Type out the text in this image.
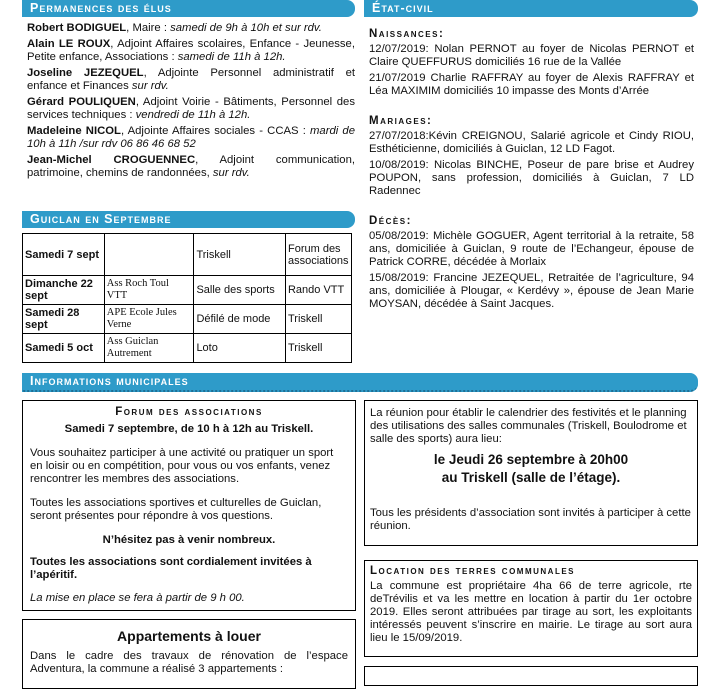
Permanences des élus

Robert BODIGUEL, Maire : samedi de 9h à 10h et sur rdv.

Alain LE ROUX, Adjoint Affaires scolaires, Enfance - Jeunesse, Petite enfance, Associations : samedi de 11h à 12h.

Joseline JEZEQUEL, Adjointe Personnel administratif et enfance et Finances sur rdv.

Gérard POULIQUEN, Adjoint Voirie - Bâtiments, Personnel des services techniques : vendredi de 11h à 12h.

Madeleine NICOL, Adjointe Affaires sociales - CCAS : mardi de 10h à 11h /sur rdv 06 86 46 68 52

Jean-Michel CROGUENNEC, Adjoint communication, patrimoine, chemins de randonnées, sur rdv.

Guiclan en Septembre
Samedi 7 sept		Triskell	Forum des associations
Dimanche 22 sept	Ass Roch Toul VTT	Salle des sports	Rando VTT
Samedi 28 sept	APE Ecole Jules Verne	Défilé de mode	Triskell
Samedi 5 oct	Ass Guiclan Autrement	Loto	Triskell
État-civil

Naissances:

12/07/2019: Nolan PERNOT au foyer de Nicolas PERNOT et Claire QUEFFURUS domiciliés 16 rue de la Vallée

21/07/2019 Charlie RAFFRAY au foyer de Alexis RAFFRAY et Léa MAXIMIM domiciliés 10 impasse des Monts d’Arrée

Mariages:

27/07/2018:Kévin CREIGNOU, Salarié agricole et Cindy RIOU, Esthéticienne, domiciliés à Guiclan, 12 LD Fagot.

10/08/2019: Nicolas BINCHE, Poseur de pare brise et Audrey POUPON, sans profession, domiciliés à Guiclan, 7 LD Radennec

Décès:

05/08/2019: Michèle GOGUER, Agent territorial à la retraite, 58 ans, domiciliée à Guiclan, 9 route de l’Echangeur, épouse de Patrick CORRE, décédée à Morlaix

15/08/2019: Francine JEZEQUEL, Retraitée de l’agriculture, 94 ans, domiciliée à Plougar, « Kerdévy », épouse de Jean Marie MOYSAN, décédée à Saint Jacques.

Informations municipales

Forum des associations

Samedi 7 septembre, de 10 h à 12h au Triskell.

Vous souhaitez participer à une activité ou pratiquer un sport en loisir ou en compétition, pour vous ou vos enfants, venez rencontrer les membres des associations.

Toutes les associations sportives et culturelles de Guiclan, seront présentes pour répondre à vos questions.

N’hésitez pas à venir nombreux.

Toutes les associations sont cordialement invitées à l’apéritif.

La mise en place se fera à partir de 9 h 00.

Appartements à louer

Dans le cadre des travaux de rénovation de l’espace Adventura, la commune a réalisé 3 appartements :

La réunion pour établir le calendrier des festivités et le planning des utilisations des salles communales (Triskell, Boulodrome et salle des sports) aura lieu:

le Jeudi 26 septembre à 20h00

au Triskell (salle de l’étage).

Tous les présidents d’association sont invités à participer à cette réunion.

Location des terres communales

La commune est propriétaire 4ha 66 de terre agricole, rte deTrévilis et va les mettre en location à partir du 1er octobre 2019. Elles seront attribuées par tirage au sort, les exploitants intéressés peuvent s’inscrire en mairie. Le tirage au sort aura lieu le 15/09/2019.
